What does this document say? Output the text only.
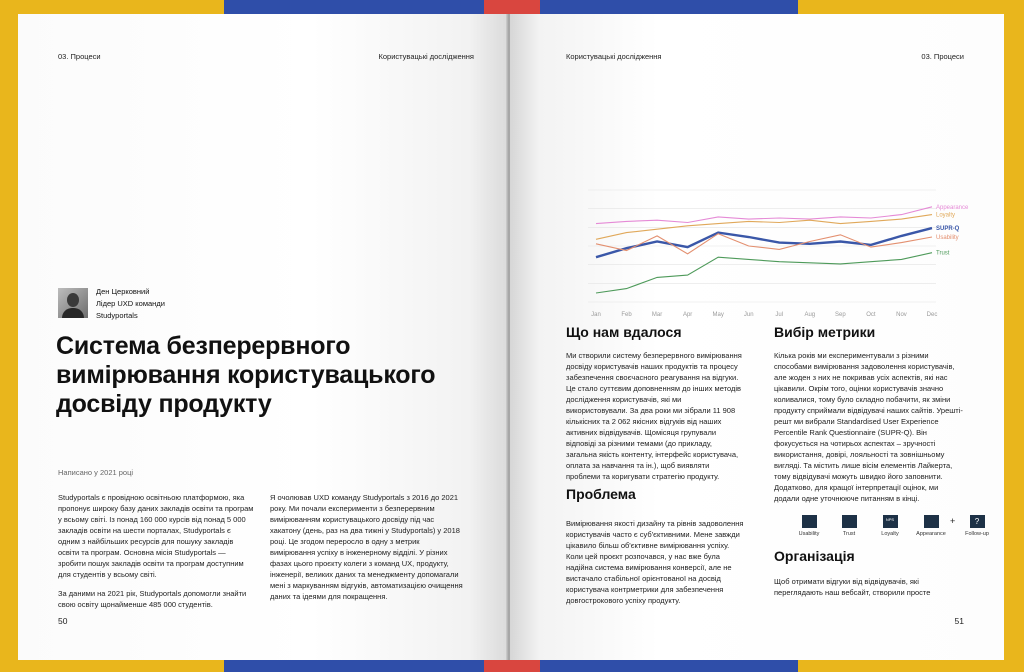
03. Процеси	Користувацькі дослідження
Ден Церковний
Лідер UXD команди
Studyportals
Система безперервного вимірювання користувацького досвіду продукту
Написано у 2021 році

Studyportals є провідною освітньою платформою, яка пропонує широку базу даних закладів освіти та програм у всьому світі. Із понад 160 000 курсів від понад 5 000 закладів освіти на шести порталах, Studyportals є одним з найбільших ресурсів для пошуку закладів освіти та програм. Основна місія Studyportals — зробити пошук закладів освіти та програм доступним для студентів у всьому світі.

За даними на 2021 рік, Studyportals допомогли знайти свою освіту щонайменше 485 000 студентів.

Я очолював UXD команду Studyportals з 2016 до 2021 року. Ми почали експерименти з безперервним вимірюванням користувацького досвіду під час хакатону (день, раз на два тижні у Studyportals) у 2018 році. Це згодом переросло в одну з метрик вимірювання успіху в інженерному відділі. У різних фазах цього проєкту колеги з команд UX, продукту, інженерії, великих даних та менеджменту допомагали мені з маркуванням відгуків, автоматизацією очищення даних та ідеями для покращення.

50
Користувацькі дослідження	03. Процеси
51
Appearance
Loyalty
SUPR-Q
Usability
Trust
Jan	Feb	Mar	Apr	May	Jun	Jul	Aug	Sep	Oct	Nov	Dec
Що нам вдалося
Ми створили систему безперервного вимірювання досвіду користувачів наших продуктів та процесу забезпечення своєчасного реагування на відгуки. Це стало суттєвим доповненням до інших методів дослідження користувачів, які ми використовували. За два роки ми зібрали 11 908 кількісних та 2 062 якісних відгуків від наших активних відвідувачів. Щомісяця групували відповіді за різними темами (до прикладу, загальна якість контенту, інтерфейс користувача, оплата за навчання та ін.), щоб виявляти проблеми та коригувати стратегію продукту.
Проблема
Вимірювання якості дизайну та рівнів задоволення користувачів часто є суб'єктивними. Мене завжди цікавило більш об'єктивне вимірювання успіху. Коли цей проєкт розпочався, у нас вже була надійна система вимірювання конверсії, але не вистачало стабільної орієнтованої на досвід користувача контрметрики для забезпечення довгострокового успіху продукту.
Вибір метрики
Кілька років ми експериментували з різними способами вимірювання задоволення користувачів, але жоден з них не покривав усіх аспектів, які нас цікавили. Окрім того, оцінки користувачів значно коливалися, тому було складно побачити, як зміни продукту сприймали відвідувачі наших сайтів. Урешті-решт ми вибрали Standardised User Experience Percentile Rank Questionnaire (SUPR-Q). Він фокусується на чотирьох аспектах – зручності використання, довірі, лояльності та зовнішньому вигляді. Та містить лише вісім елементів Лайкерта, тому відвідувачі можуть швидко його заповнити. Додатково, для кращої інтерпретації оцінок, ми додали одне уточнююче питанням в кінці.
Usability	Trust
NPS
Loyalty	Appearance
+	?
Follow-up
Організація
Щоб отримати відгуки від відвідувачів, які переглядають наш вебсайт, створили просте
